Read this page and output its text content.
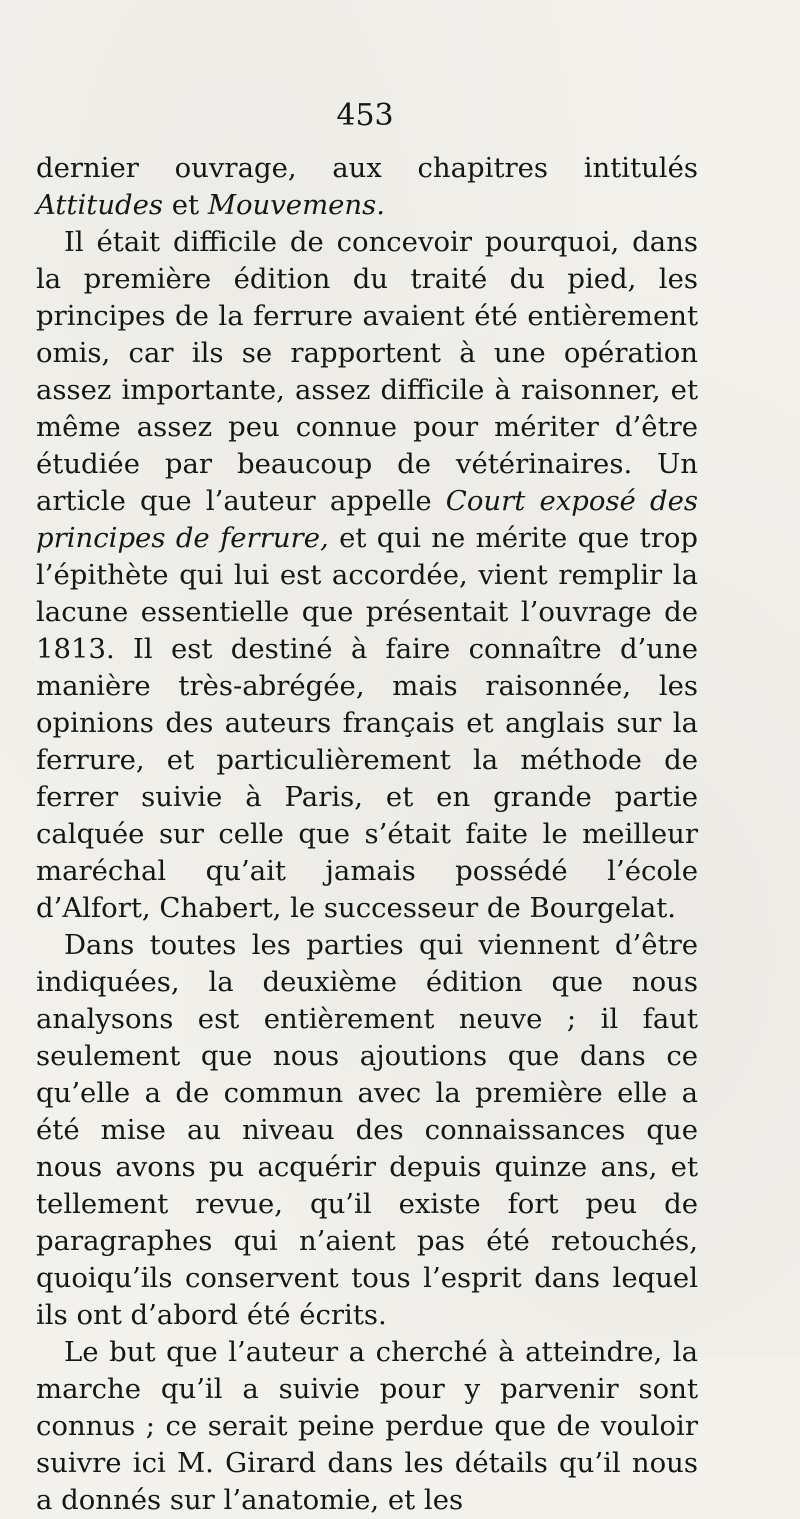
453

dernier ouvrage, aux chapitres intitulés Attitudes et Mouvemens.

Il était difficile de concevoir pourquoi, dans la première édition du traité du pied, les principes de la ferrure avaient été entièrement omis, car ils se rapportent à une opération assez importante, assez difficile à raisonner, et même assez peu connue pour mériter d’être étudiée par beaucoup de vétérinaires. Un article que l’auteur appelle Court exposé des principes de ferrure, et qui ne mérite que trop l’épithète qui lui est accordée, vient remplir la lacune essentielle que présentait l’ouvrage de 1813. Il est destiné à faire connaître d’une manière très-abrégée, mais raisonnée, les opinions des auteurs français et anglais sur la ferrure, et particulièrement la méthode de ferrer suivie à Paris, et en grande partie calquée sur celle que s’était faite le meilleur maréchal qu’ait jamais possédé l’école d’Alfort, Chabert, le successeur de Bourgelat.

Dans toutes les parties qui viennent d’être indiquées, la deuxième édition que nous analysons est entièrement neuve ; il faut seulement que nous ajoutions que dans ce qu’elle a de commun avec la première elle a été mise au niveau des connaissances que nous avons pu acquérir depuis quinze ans, et tellement revue, qu’il existe fort peu de paragraphes qui n’aient pas été retouchés, quoiqu’ils conservent tous l’esprit dans lequel ils ont d’abord été écrits.

Le but que l’auteur a cherché à atteindre, la marche qu’il a suivie pour y parvenir sont connus ; ce serait peine perdue que de vouloir suivre ici M. Girard dans les détails qu’il nous a donnés sur l’anatomie, et les
